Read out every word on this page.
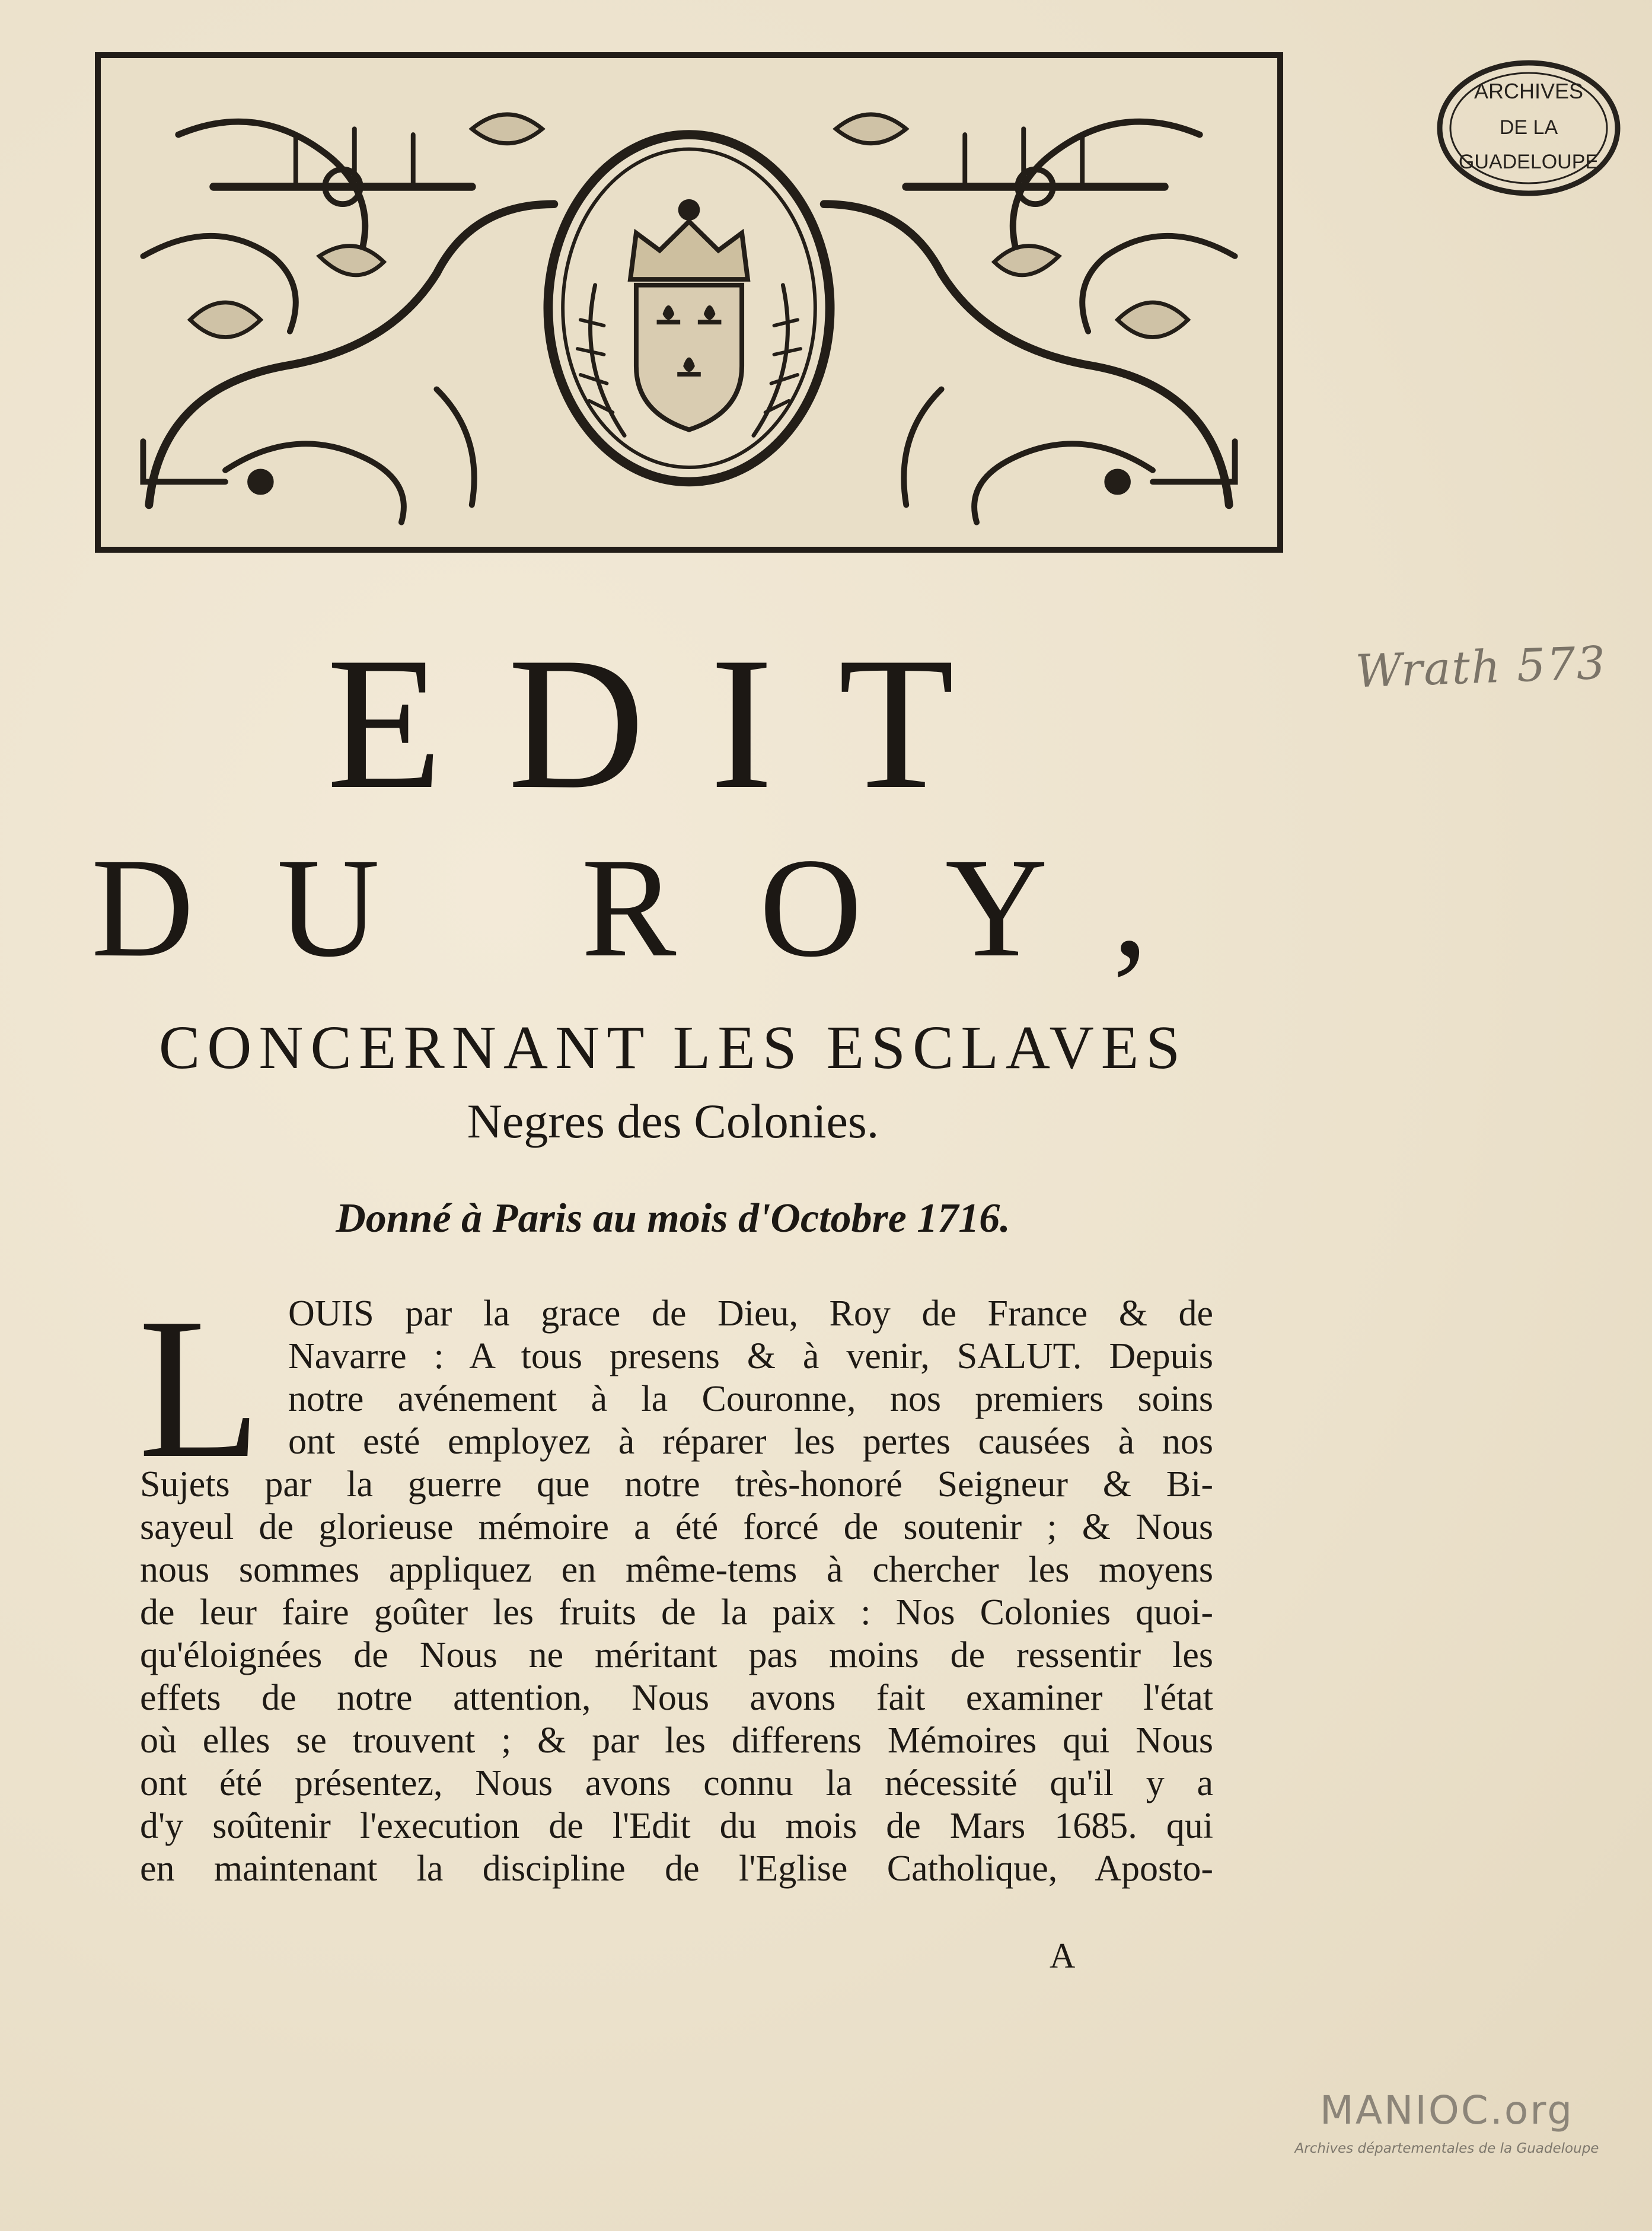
ARCHIVES
DE LA
GUADELOUPE
Wrath 573
EDIT
DU ROY,
CONCERNANT LES ESCLAVES
Negres des Colonies.
Donné à Paris au mois d'Octobre 1716.
L OUIS par la grace de Dieu, Roy de France & de
Navarre : A tous presens & à venir, SALUT. Depuis
notre avénement à la Couronne, nos premiers soins
ont esté employez à réparer les pertes causées à nos
Sujets par la guerre que notre très-honoré Seigneur & Bi-
sayeul de glorieuse mémoire a été forcé de soutenir ; & Nous
nous sommes appliquez en même-tems à chercher les moyens
de leur faire goûter les fruits de la paix : Nos Colonies quoi-
qu'éloignées de Nous ne méritant pas moins de ressentir les
effets de notre attention, Nous avons fait examiner l'état
où elles se trouvent ; & par les differens Mémoires qui Nous
ont été présentez, Nous avons connu la nécessité qu'il y a
d'y soûtenir l'execution de l'Edit du mois de Mars 1685. qui
en maintenant la discipline de l'Eglise Catholique, Aposto-
A
MANIOC.org
Archives départementales de la Guadeloupe
